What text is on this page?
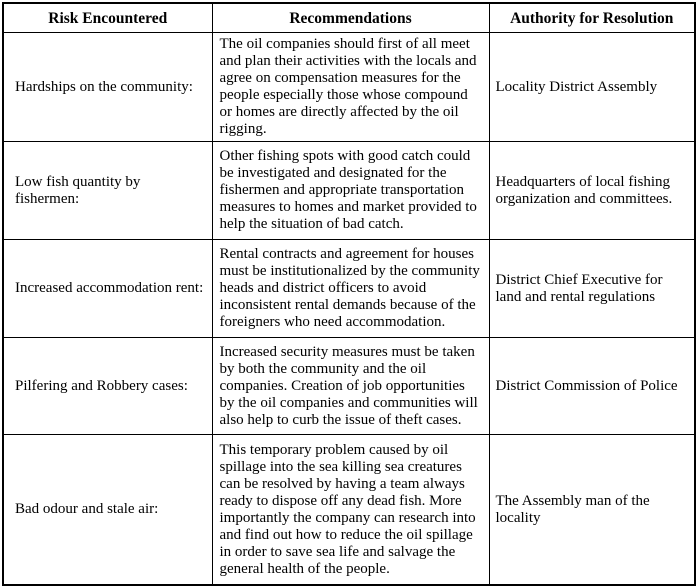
Risk Encountered	Recommendations	Authority for Resolution
Hardships on the community:	The oil companies should first of all meet and plan their activities with the locals and agree on compensation measures for the people especially those whose compound or homes are directly affected by the oil rigging.	Locality District Assembly
Low fish quantity by fishermen:	Other fishing spots with good catch could be investigated and designated for the fishermen and appropriate transportation measures to homes and market provided to help the situation of bad catch.	Headquarters of local fishing organization and committees.
Increased accommodation rent:	Rental contracts and agreement for houses must be institutionalized by the community heads and district officers to avoid inconsistent rental demands because of the foreigners who need accommodation.	District Chief Executive for land and rental regulations
Pilfering and Robbery cases:	Increased security measures must be taken by both the community and the oil companies. Creation of job opportunities by the oil companies and communities will also help to curb the issue of theft cases.	District Commission of Police
Bad odour and stale air:	This temporary problem caused by oil spillage into the sea killing sea creatures can be resolved by having a team always ready to dispose off any dead fish. More importantly the company can research into and find out how to reduce the oil spillage in order to save sea life and salvage the general health of the people.	The Assembly man of the locality
